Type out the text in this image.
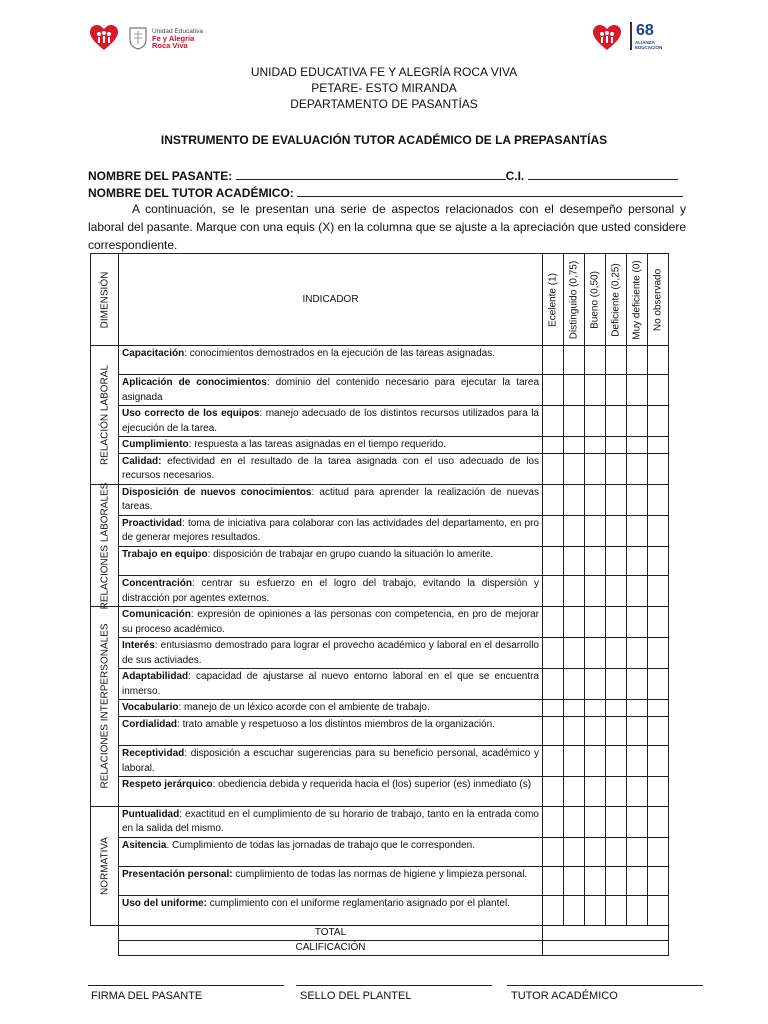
Unidad Educativa
Fe y Alegría
Roca Viva
68
ALIANZA EDUCACIÓN
UNIDAD EDUCATIVA FE Y ALEGRÍA ROCA VIVA
PETARE- ESTO MIRANDA
DEPARTAMENTO DE PASANTÍAS
INSTRUMENTO DE EVALUACIÓN TUTOR ACADÉMICO DE LA PREPASANTÍAS
NOMBRE DEL PASANTE:	C.I.
NOMBRE DEL TUTOR ACADÉMICO:
A continuación, se le presentan una serie de aspectos relacionados con el desempeño personal y laboral del pasante. Marque con una equis (X) en la columna que se ajuste a la apreciación que usted considere correspondiente.
DIMENSIÓN	INDICADOR	Ecelente (1)	Distinguido (0,75)	Bueno (0,50)	Deficiente (0,25)	Muy deficiente (0)	No observado

RELACIÓN LABORAL	Capacitación: conocimientos demostrados en la ejecución de las tareas asignadas.						
	Aplicación de conocimientos: dominio del contenido necesario para ejecutar la tarea asignada						
	Uso correcto de los equipos: manejo adecuado de los distintos recursos utilizados para la ejecución de la tarea.						
	Cumplimiento: respuesta a las tareas asignadas en el tiempo requerido.						
	Calidad: efectividad en el resultado de la tarea asignada con el uso adecuado de los recursos necesarios.						

RELACIONES LABORALES	Disposición de nuevos conocimientos: actitud para aprender la realización de nuevas tareas.						
	Proactividad: toma de iniciativa para colaborar con las actividades del departamento, en pro de generar mejores resultados.						
	Trabajo en equipo: disposición de trabajar en grupo cuando la situación lo amerite.						
	Concentración: centrar su esfuerzo en el logro del trabajo, evitando la dispersión y distracción por agentes externos.						

RELACIONES INTERPERSONALES	Comunicación: expresión de opiniones a las personas con competencia, en pro de mejorar su proceso académico.						
	Interés: entusiasmo demostrado para lograr el provecho académico y laboral en el desarrollo de sus activiades.						
	Adaptabilidad: capacidad de ajustarse al nuevo entorno laboral en el que se encuentra inmerso.						
	Vocabulario: manejo de un léxico acorde con el ambiente de trabajo.						
	Cordialidad: trato amable y respetuoso a los distintos miembros de la organización.						
	Receptividad: disposición a escuchar sugerencias para su beneficio personal, académico y laboral.						
	Respeto jerárquico: obediencia debida y requerida hacia el (los) superior (es) inmediato (s)						

NORMATIVA	Puntualidad: exactitud en el cumplimiento de su horario de trabajo, tanto en la entrada como en la salida del mismo.						
	Asitencia. Cumplimiento de todas las jornadas de trabajo que le corresponden.						
	Presentación personal: cumplimiento de todas las normas de higiene y limpieza personal.						
	Uso del uniforme: cumplimiento con el uniforme reglamentario asignado por el plantel.						
	TOTAL						
	CALIFICACIÓN						
FIRMA DEL PASANTE	SELLO DEL PLANTEL	TUTOR ACADÉMICO
